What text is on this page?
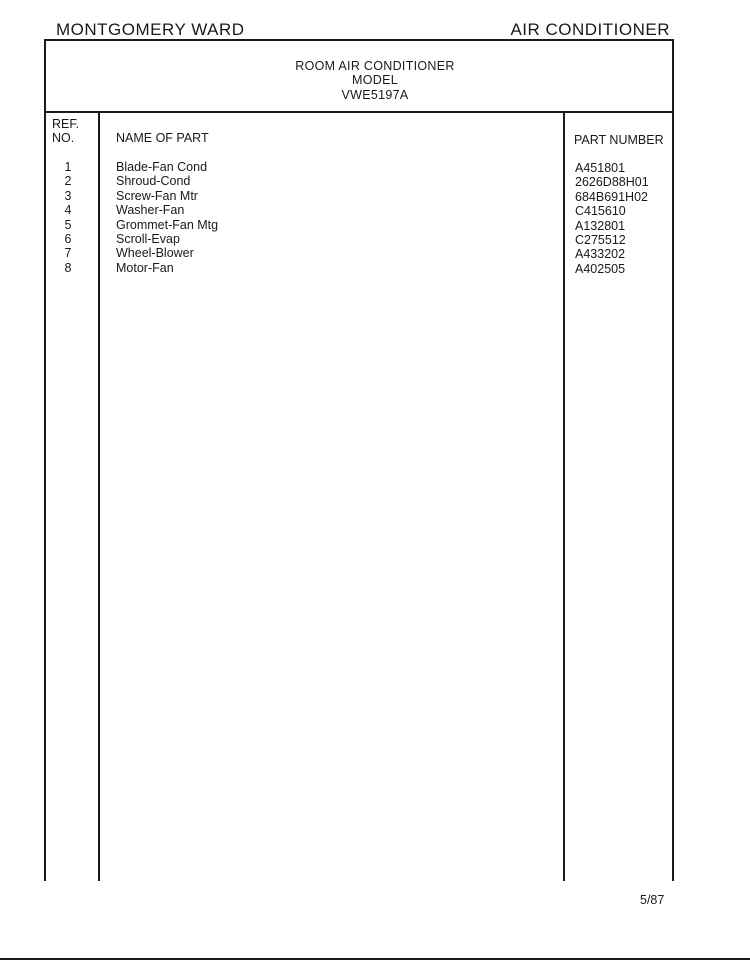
MONTGOMERY WARD	AIR CONDITIONER
ROOM AIR CONDITIONER
MODEL
VWE5197A
REF.
NO.	NAME OF PART	PART NUMBER
1	Blade-Fan Cond	A451801
2	Shroud-Cond	2626D88H01
3	Screw-Fan Mtr	684B691H02
4	Washer-Fan	C415610
5	Grommet-Fan Mtg	A132801
6	Scroll-Evap	C275512
7	Wheel-Blower	A433202
8	Motor-Fan	A402505
5/87
